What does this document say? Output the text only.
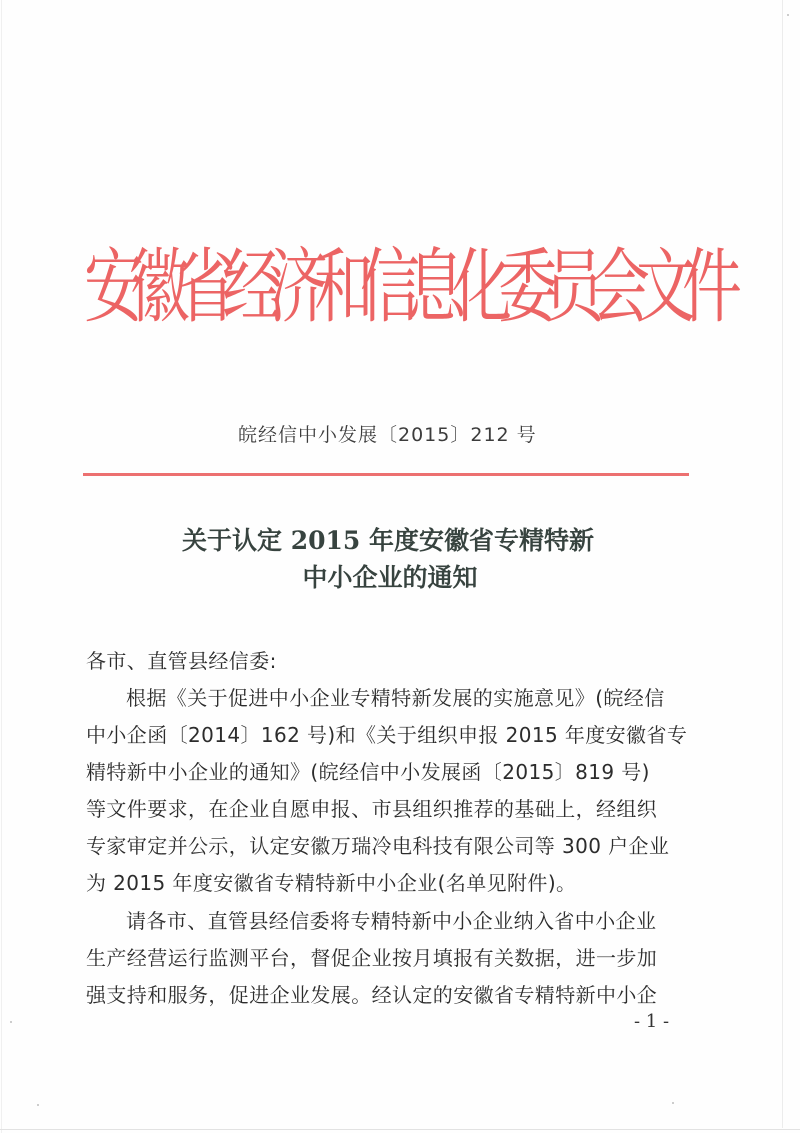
安徽省经济和信息化委员会文件
皖经信中小发展〔2015〕212 号
关于认定 2015 年度安徽省专精特新
中小企业的通知
各市、直管县经信委:
根据《关于促进中小企业专精特新发展的实施意见》(皖经信
中小企函〔2014〕162 号)和《关于组织申报 2015 年度安徽省专
精特新中小企业的通知》(皖经信中小发展函〔2015〕819 号)
等文件要求，在企业自愿申报、市县组织推荐的基础上，经组织
专家审定并公示，认定安徽万瑞冷电科技有限公司等 300 户企业
为 2015 年度安徽省专精特新中小企业(名单见附件)。
请各市、直管县经信委将专精特新中小企业纳入省中小企业
生产经营运行监测平台，督促企业按月填报有关数据，进一步加
强支持和服务，促进企业发展。经认定的安徽省专精特新中小企
- 1 -
